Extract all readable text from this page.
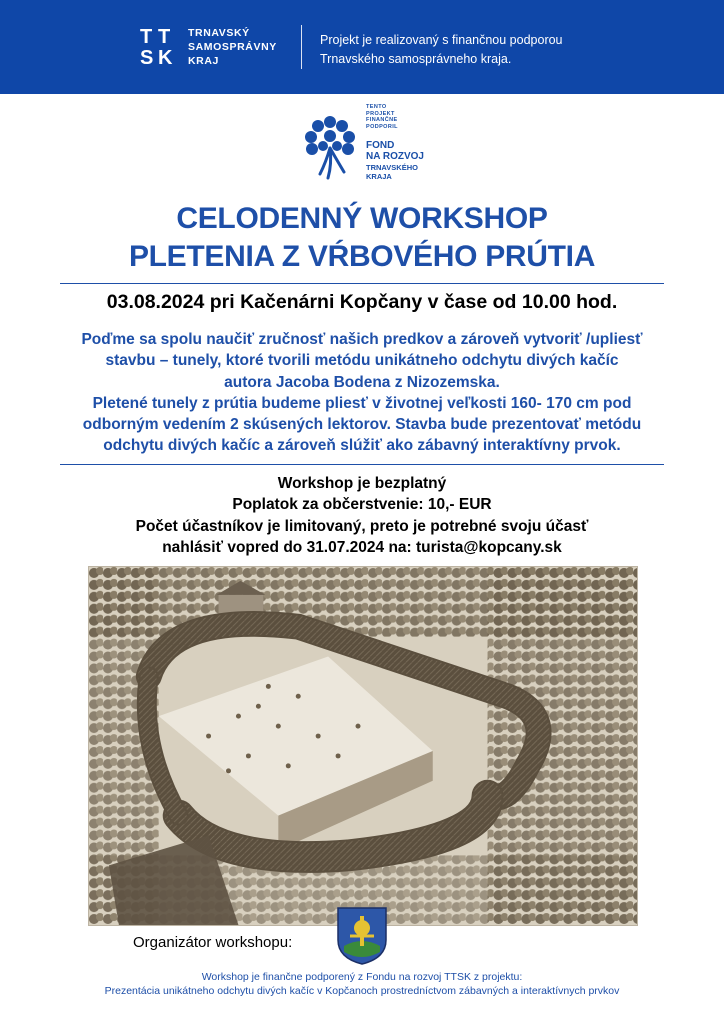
T T
S K
TRNAVSKÝ
SAMOSPRÁVNY
KRAJ
Projekt je realizovaný s finančnou podporou
Trnavského samosprávneho kraja.
TENTO
PROJEKT
FINANČNE
PODPORIL
FOND
NA ROZVOJ
TRNAVSKÉHO
KRAJA
CELODENNÝ WORKSHOP
PLETENIA Z VŔBOVÉHO PRÚTIA
03.08.2024 pri Kačenárni Kopčany v čase od 10.00 hod.
Poďme sa spolu naučiť zručnosť našich predkov a zároveň vytvoriť /upliesť
stavbu – tunely, ktoré tvorili metódu unikátneho odchytu divých kačíc
autora Jacoba Bodena z Nizozemska.
Pletené tunely z prútia budeme pliesť v životnej veľkosti 160- 170 cm pod
odborným vedením 2 skúsených lektorov. Stavba bude prezentovať metódu
odchytu divých kačíc a zároveň slúžiť ako zábavný interaktívny prvok.
Workshop je bezplatný
Poplatok za občerstvenie: 10,- EUR
Počet účastníkov je limitovaný, preto je potrebné svoju účasť
nahlásiť vopred do 31.07.2024 na: turista@kopcany.sk
Organizátor workshopu:
Workshop je finančne podporený z Fondu na rozvoj TTSK z projektu:
Prezentácia unikátneho odchytu divých kačíc v Kopčanoch prostredníctvom zábavných a interaktívnych prvkov
